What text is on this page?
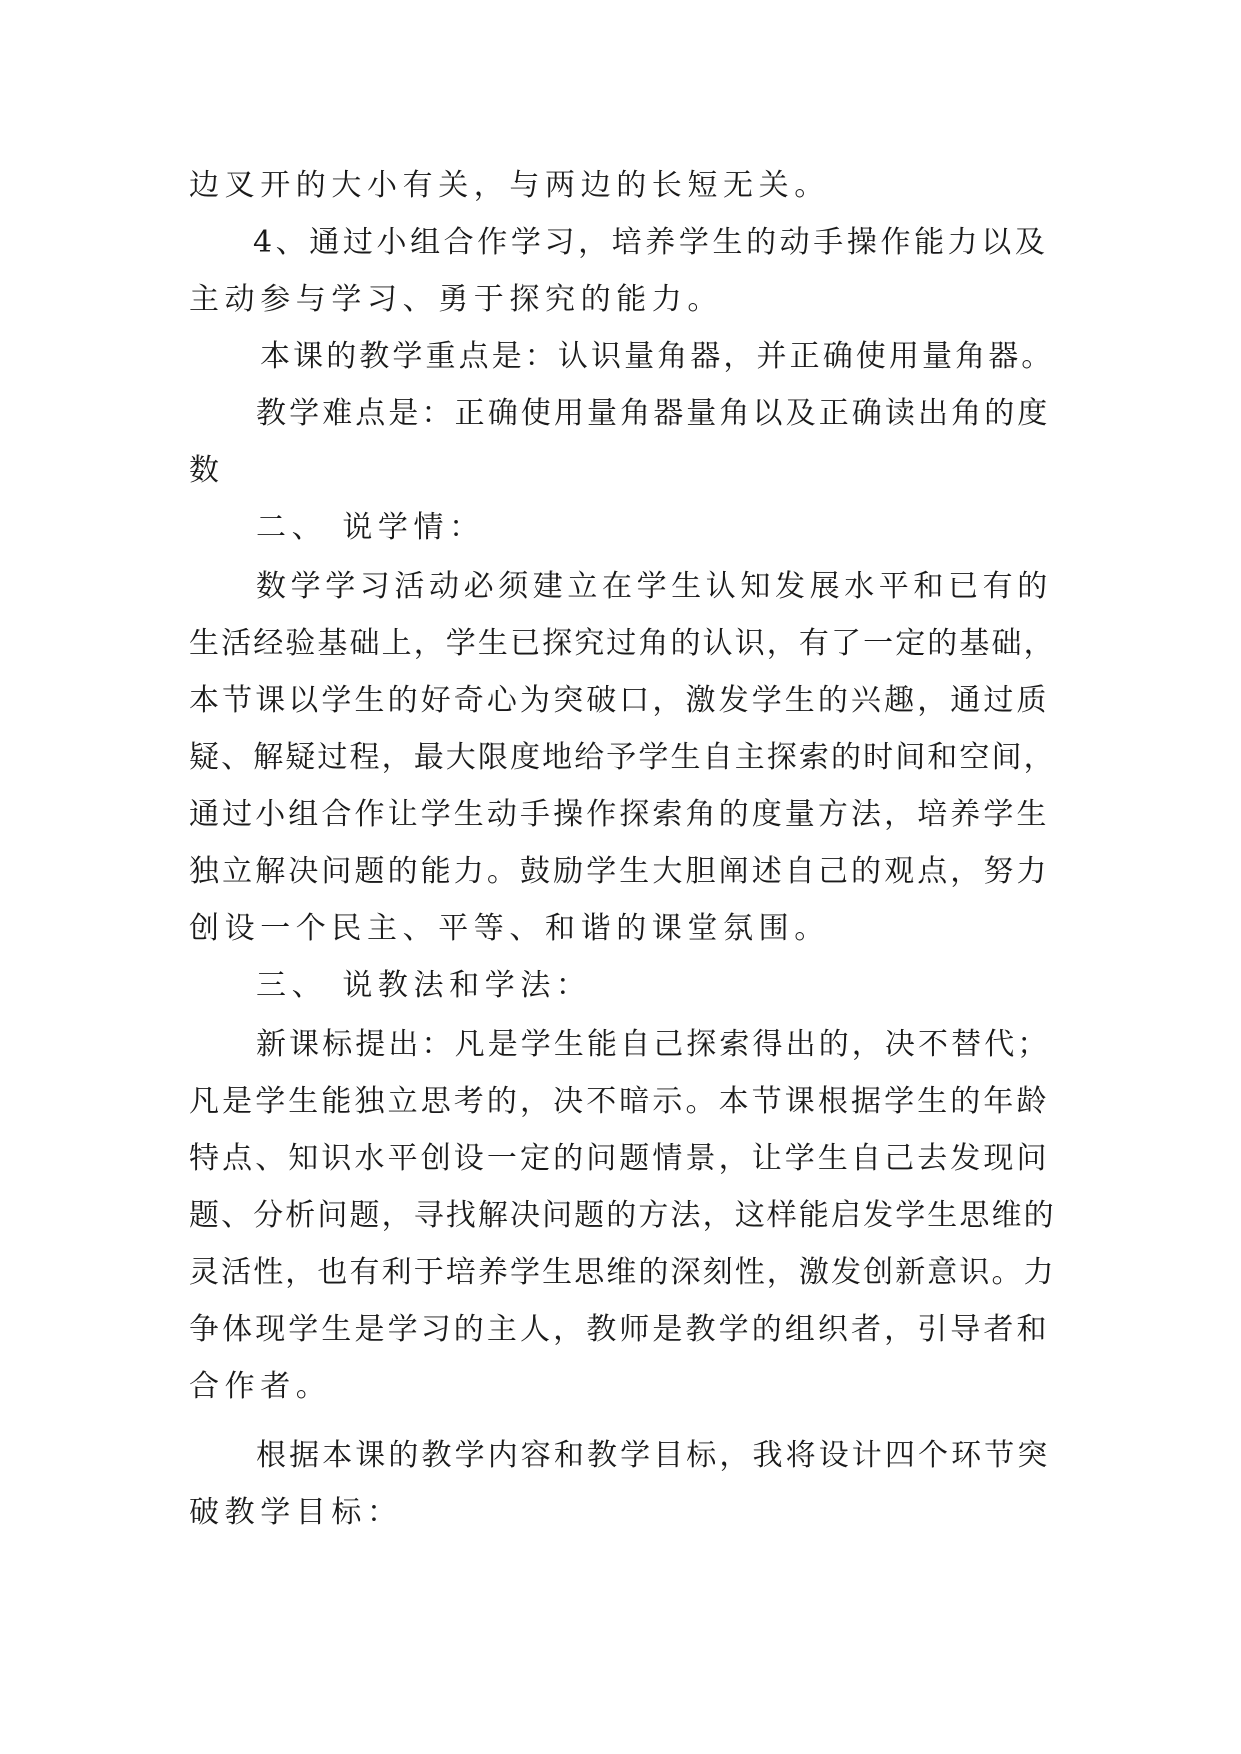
边叉开的大小有关，与两边的长短无关。
4、通过小组合作学习，培养学生的动手操作能力以及
主动参与学习、勇于探究的能力。
本课的教学重点是：认识量角器，并正确使用量角器。
教学难点是：正确使用量角器量角以及正确读出角的度
数
二、 说学情：
数学学习活动必须建立在学生认知发展水平和已有的
生活经验基础上，学生已探究过角的认识，有了一定的基础，
本节课以学生的好奇心为突破口，激发学生的兴趣，通过质
疑、解疑过程，最大限度地给予学生自主探索的时间和空间，
通过小组合作让学生动手操作探索角的度量方法，培养学生
独立解决问题的能力。鼓励学生大胆阐述自己的观点，努力
创设一个民主、平等、和谐的课堂氛围。
三、 说教法和学法：
新课标提出：凡是学生能自己探索得出的，决不替代；
凡是学生能独立思考的，决不暗示。本节课根据学生的年龄
特点、知识水平创设一定的问题情景，让学生自己去发现问
题、分析问题，寻找解决问题的方法，这样能启发学生思维的
灵活性，也有利于培养学生思维的深刻性，激发创新意识。力
争体现学生是学习的主人，教师是教学的组织者，引导者和
合作者。
根据本课的教学内容和教学目标，我将设计四个环节突
破教学目标：
